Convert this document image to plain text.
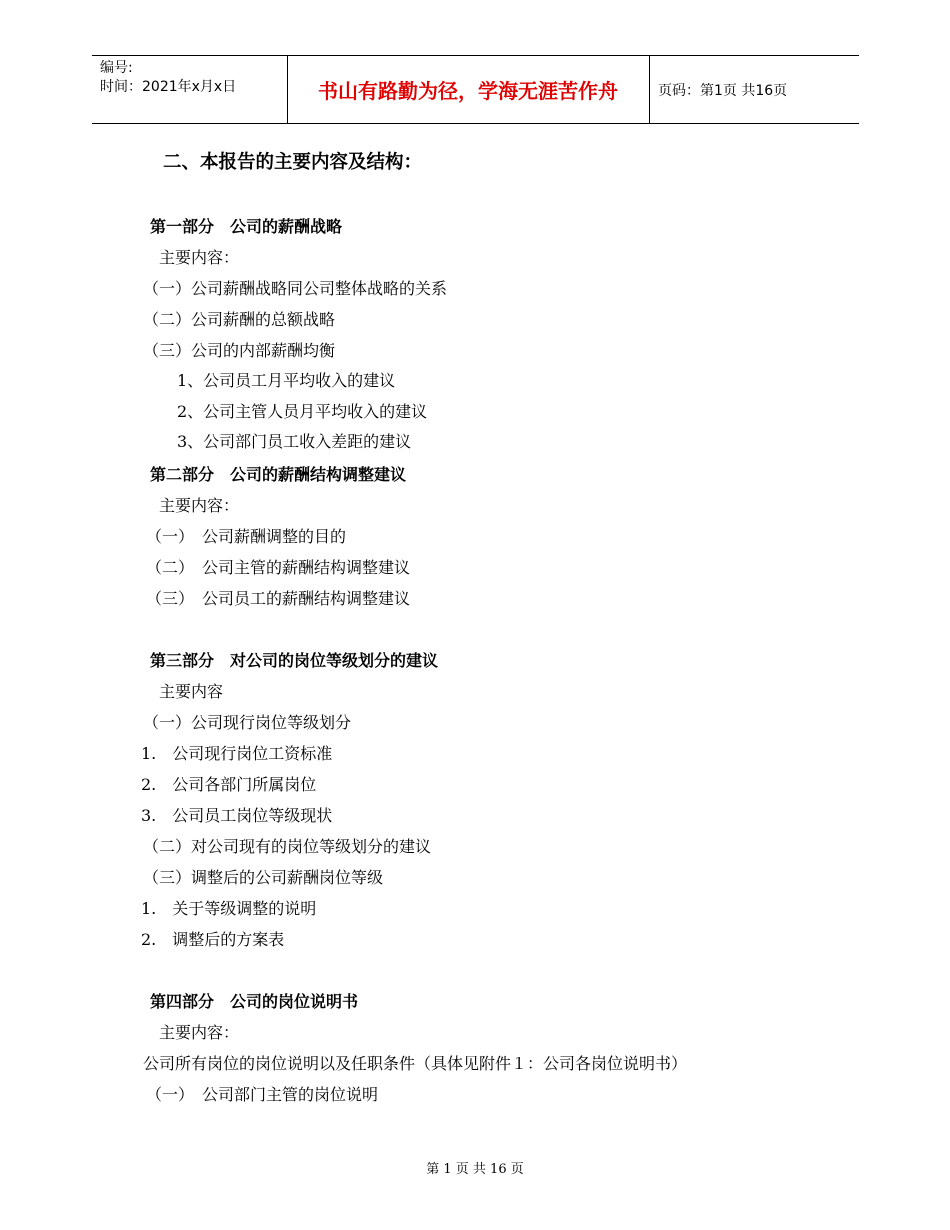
编号:
时间：2021年x月x日	书山有路勤为径，学海无涯苦作舟	页码：第1页 共16页
二、本报告的主要内容及结构：
第一部分　公司的薪酬战略
主要内容：
（一）公司薪酬战略同公司整体战略的关系
（二）公司薪酬的总额战略
（三）公司的内部薪酬均衡
1、公司员工月平均收入的建议
2、公司主管人员月平均收入的建议
3、公司部门员工收入差距的建议
第二部分　公司的薪酬结构调整建议
主要内容：
（一）　公司薪酬调整的目的
（二）　公司主管的薪酬结构调整建议
（三）　公司员工的薪酬结构调整建议
第三部分　对公司的岗位等级划分的建议
主要内容
（一）公司现行岗位等级划分
1.　公司现行岗位工资标准
2.　公司各部门所属岗位
3.　公司员工岗位等级现状
（二）对公司现有的岗位等级划分的建议
（三）调整后的公司薪酬岗位等级
1.　关于等级调整的说明
2.　调整后的方案表
第四部分　公司的岗位说明书
主要内容：
公司所有岗位的岗位说明以及任职条件（具体见附件１：公司各岗位说明书）
（一）　公司部门主管的岗位说明
第 1 页 共 16 页
